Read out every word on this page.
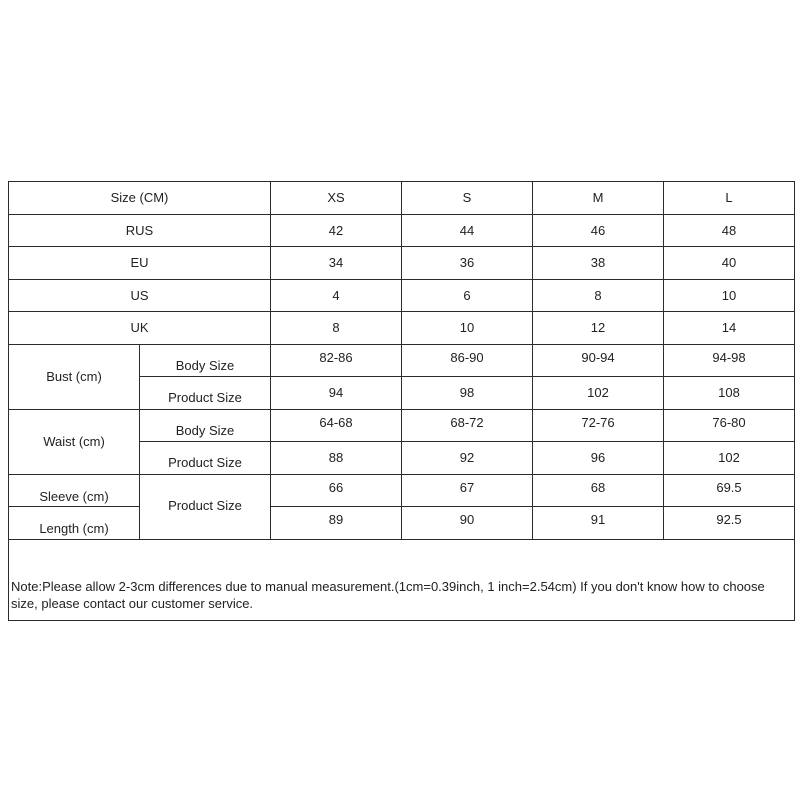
Size (CM)		XS	S	M	L
RUS		42	44	46	48
EU		34	36	38	40
US		4	6	8	10
UK		8	10	12	14
Bust (cm)	Body Size	82-86	86-90	90-94	94-98
	Product Size	94	98	102	108
Waist (cm)	Body Size	64-68	68-72	72-76	76-80
	Product Size	88	92	96	102
Sleeve (cm)	Product Size	66	67	68	69.5
Length (cm)		89	90	91	92.5

Note:Please allow 2-3cm differences due to manual measurement.(1cm=0.39inch, 1 inch=2.54cm) If you don't know how to choose size, please contact our customer service.					
